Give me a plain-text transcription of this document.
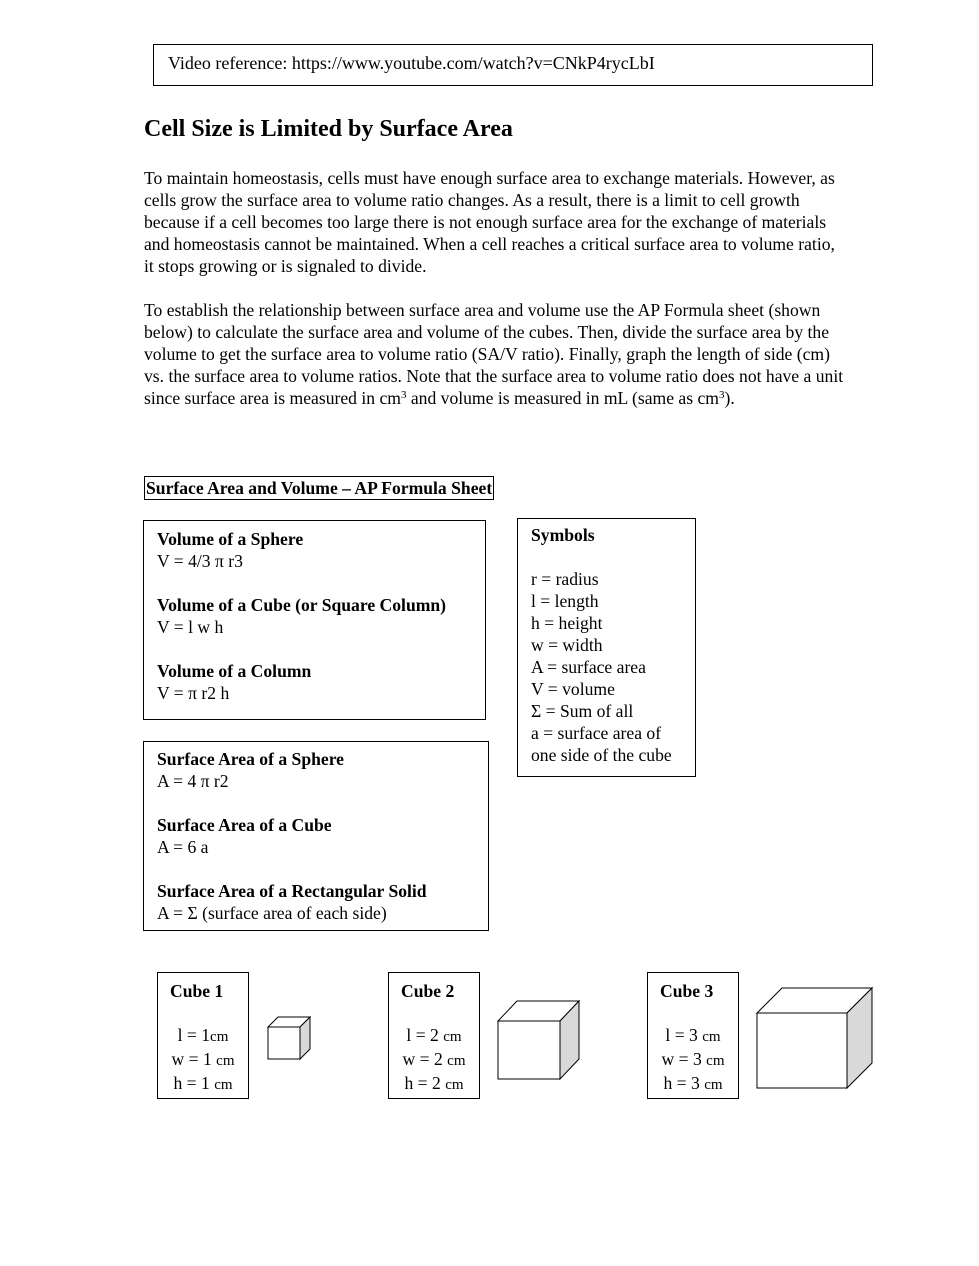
Video reference: https://www.youtube.com/watch?v=CNkP4rycLbI
Cell Size is Limited by Surface Area
To maintain homeostasis, cells must have enough surface area to exchange materials. However, as cells grow the surface area to volume ratio changes. As a result, there is a limit to cell growth because if a cell becomes too large there is not enough surface area for the exchange of materials and homeostasis cannot be maintained. When a cell reaches a critical surface area to volume ratio, it stops growing or is signaled to divide.
To establish the relationship between surface area and volume use the AP Formula sheet (shown below) to calculate the surface area and volume of the cubes. Then, divide the surface area by the volume to get the surface area to volume ratio (SA/V ratio). Finally, graph the length of side (cm) vs. the surface area to volume ratios. Note that the surface area to volume ratio does not have a unit since surface area is measured in $cm^3$ and volume is measured in mL (same as $cm^3$).
Surface Area and Volume – AP Formula Sheet
Volume of a Sphere
V = 4/3 π r3
Volume of a Cube (or Square Column)
V = l w h
Volume of a Column
V = π r2 h
Symbols
r = radius
l = length
h = height
w = width
A = surface area
V = volume
Σ = Sum of all
a = surface area of
one side of the cube
Surface Area of a Sphere
A = 4 π r2
Surface Area of a Cube
A = 6 a
Surface Area of a Rectangular Solid
A = Σ (surface area of each side)
Cube 1
l = 1cm
w = 1 cm
h = 1 cm
Cube 2
l = 2 cm
w = 2 cm
h = 2 cm
Cube 3
l = 3 cm
w = 3 cm
h = 3 cm
